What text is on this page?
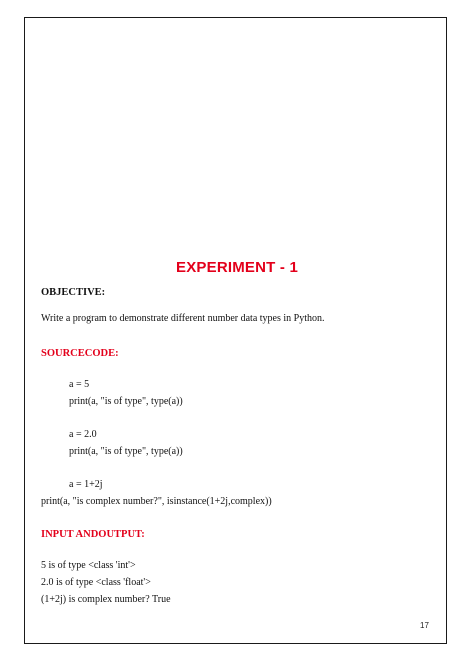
EXPERIMENT - 1
OBJECTIVE:
Write a program to demonstrate different number data types in Python.
SOURCECODE:
a = 5
print(a, "is of type", type(a))
a = 2.0
print(a, "is of type", type(a))
a = 1+2j
print(a, "is complex number?", isinstance(1+2j,complex))
INPUT ANDOUTPUT:
5 is of type <class 'int'>
2.0 is of type <class 'float'>
(1+2j) is complex number? True
17
